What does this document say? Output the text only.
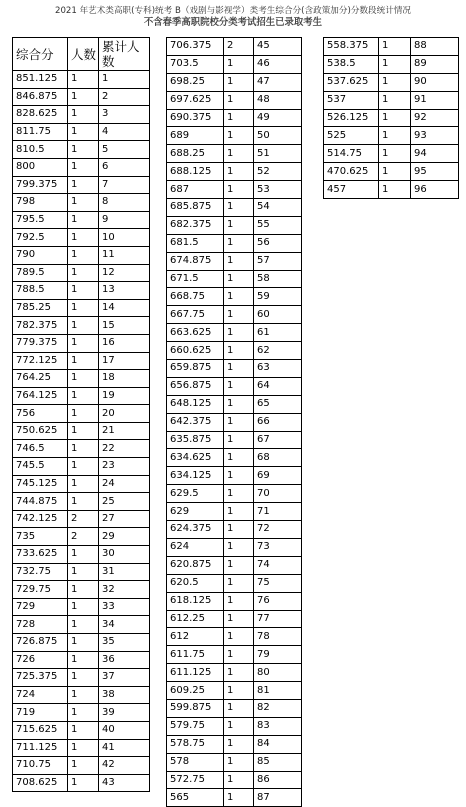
2021 年艺术类高职(专科)统考 B（戏剧与影视学）类考生综合分(含政策加分)分数段统计情况
不含春季高职院校分类考试招生已录取考生
综合分	人数	累计人数
851.125	1	1
846.875	1	2
828.625	1	3
811.75	1	4
810.5	1	5
800	1	6
799.375	1	7
798	1	8
795.5	1	9
792.5	1	10
790	1	11
789.5	1	12
788.5	1	13
785.25	1	14
782.375	1	15
779.375	1	16
772.125	1	17
764.25	1	18
764.125	1	19
756	1	20
750.625	1	21
746.5	1	22
745.5	1	23
745.125	1	24
744.875	1	25
742.125	2	27
735	2	29
733.625	1	30
732.75	1	31
729.75	1	32
729	1	33
728	1	34
726.875	1	35
726	1	36
725.375	1	37
724	1	38
719	1	39
715.625	1	40
711.125	1	41
710.75	1	42
708.625	1	43
706.375	2	45
703.5	1	46
698.25	1	47
697.625	1	48
690.375	1	49
689	1	50
688.25	1	51
688.125	1	52
687	1	53
685.875	1	54
682.375	1	55
681.5	1	56
674.875	1	57
671.5	1	58
668.75	1	59
667.75	1	60
663.625	1	61
660.625	1	62
659.875	1	63
656.875	1	64
648.125	1	65
642.375	1	66
635.875	1	67
634.625	1	68
634.125	1	69
629.5	1	70
629	1	71
624.375	1	72
624	1	73
620.875	1	74
620.5	1	75
618.125	1	76
612.25	1	77
612	1	78
611.75	1	79
611.125	1	80
609.25	1	81
599.875	1	82
579.75	1	83
578.75	1	84
578	1	85
572.75	1	86
565	1	87
558.375	1	88
538.5	1	89
537.625	1	90
537	1	91
526.125	1	92
525	1	93
514.75	1	94
470.625	1	95
457	1	96
